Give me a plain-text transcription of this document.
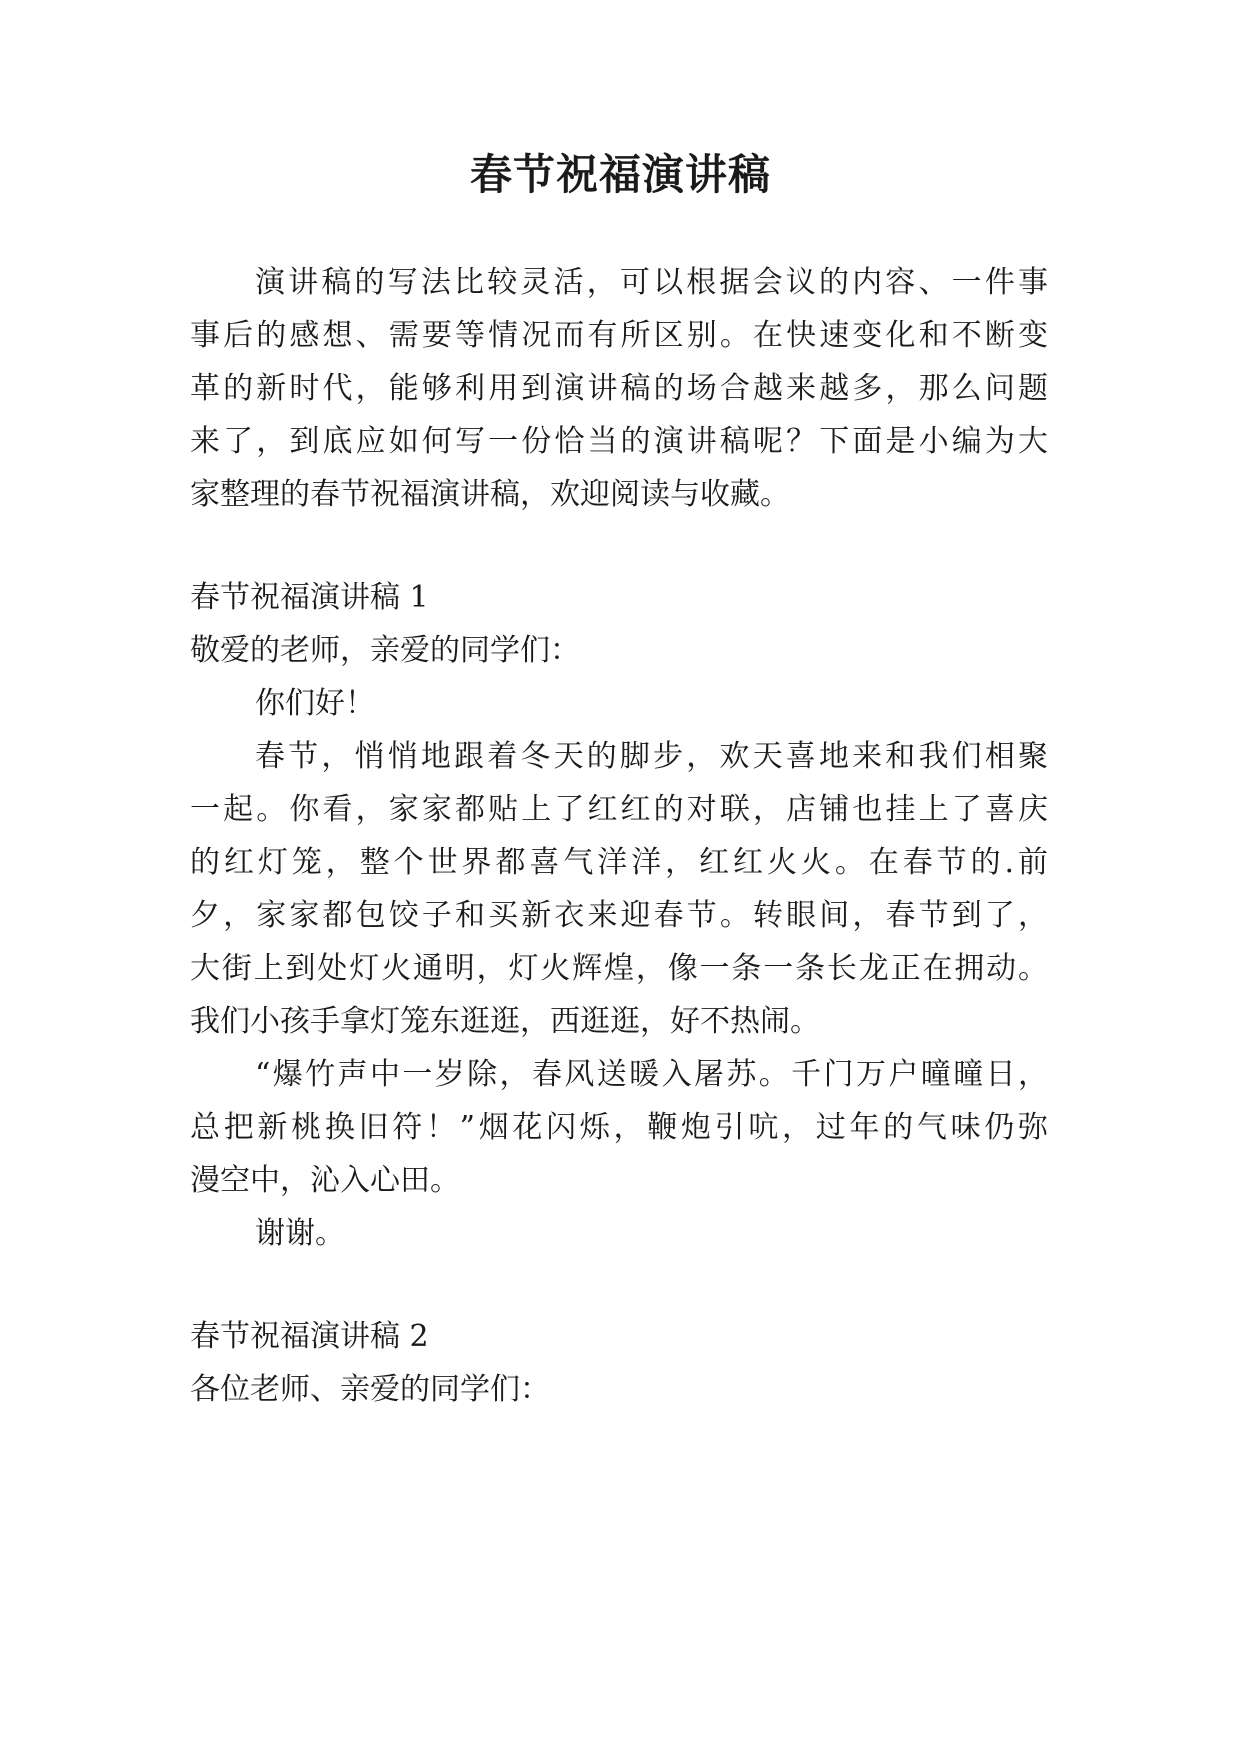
春节祝福演讲稿
演讲稿的写法比较灵活，可以根据会议的内容、一件事
事后的感想、需要等情况而有所区别。在快速变化和不断变
革的新时代，能够利用到演讲稿的场合越来越多，那么问题
来了，到底应如何写一份恰当的演讲稿呢？下面是小编为大
家整理的春节祝福演讲稿，欢迎阅读与收藏。
春节祝福演讲稿 1
敬爱的老师，亲爱的同学们：
你们好！
春节，悄悄地跟着冬天的脚步，欢天喜地来和我们相聚
一起。你看，家家都贴上了红红的对联，店铺也挂上了喜庆
的红灯笼，整个世界都喜气洋洋，红红火火。在春节的.前
夕，家家都包饺子和买新衣来迎春节。转眼间，春节到了，
大街上到处灯火通明，灯火辉煌，像一条一条长龙正在拥动。
我们小孩手拿灯笼东逛逛，西逛逛，好不热闹。
“爆竹声中一岁除，春风送暖入屠苏。千门万户曈曈日，
总把新桃换旧符！”烟花闪烁，鞭炮引吭，过年的气味仍弥
漫空中，沁入心田。
谢谢。
春节祝福演讲稿 2
各位老师、亲爱的同学们：
